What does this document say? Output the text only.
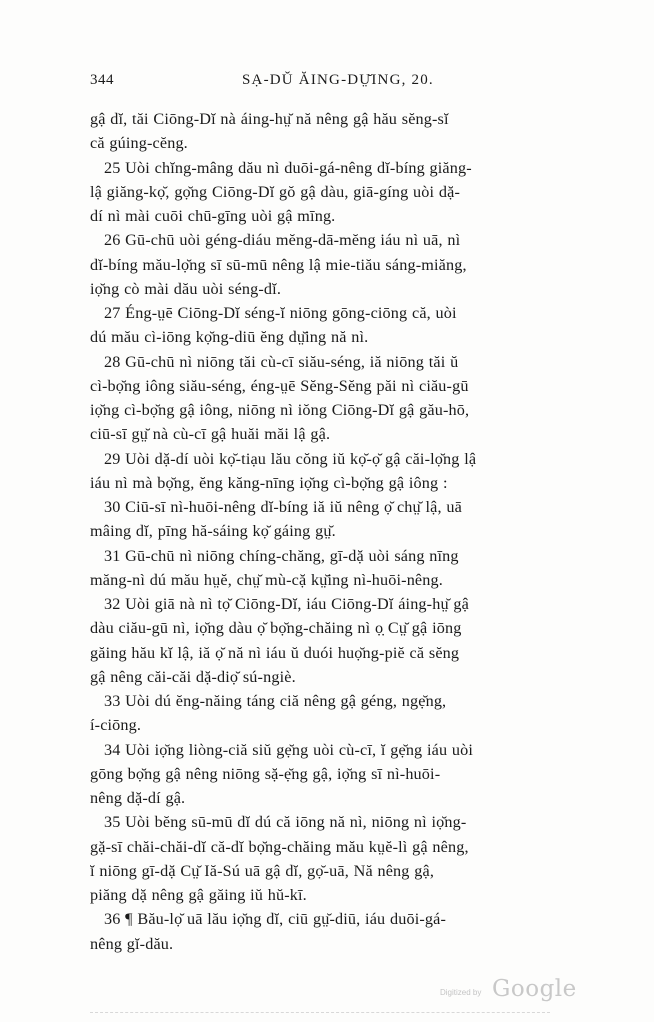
344	SẠ-DŬ ĂING-DṲ̆ING, 20.
gậ dĭ, tăi Ciōng-Dĭ nà áing-hṳ̆ nă nêng gậ hău sĕng-sĭ
că gúing-cĕng.
25 Uòi chĭng-mâng dău nì duōi-gá-nêng dĭ-bíng giăng-
lậ giăng-kọ̆, gọ̆ng Ciōng-Dĭ gŏ gậ dàu, giā-gíng uòi dặ-
dí nì mài cuōi chū-gīng uòi gậ mīng.
26 Gū-chū uòi géng-diáu mĕng-dā-mĕng iáu nì uā, nì
dĭ-bíng mău-lọ̆ng sī sū-mū nêng lậ mie-tiău sáng-miăng,
iọ̆ng cò mài dău uòi séng-dĭ.
27 Éng-ṳē Ciōng-Dĭ séng-ĭ niōng gōng-ciōng că, uòi
dú mău cì-iōng kọ̆ng-diū ĕng dṳ̆ing nă nì.
28 Gū-chū nì niōng tăi cù-cī siău-séng, iă niōng tăi ŭ
cì-bọ̆ng iông siău-séng, éng-ṳē Sĕng-Sĕng păi nì ciău-gū
iọ̆ng cì-bọ̆ng gậ iông, niōng nì iŏng Ciōng-Dĭ gậ gău-hō,
ciū-sī gṳ̆ nà cù-cī gậ huăi măi lậ gậ.
29 Uòi dặ-dí uòi kọ̆-tiạu lău cŏng iŭ kọ̆-ọ̆ gậ căi-lọ̆ng lậ
iáu nì mà bọ̆ng, ĕng kăng-nīng iọ̆ng cì-bọ̆ng gậ iông :
30 Ciū-sī nì-huōi-nêng dĭ-bíng iă iŭ nêng ọ̆ chṳ̆ lậ, uā
mâing dĭ, pīng hă-sáing kọ̆ gáing gṳ̆.
31 Gū-chū nì niōng chíng-chăng, gī-dặ uòi sáng nīng
măng-nì dú mău hṳĕ, chṳ̆ mù-cặ kṳ̆ing nì-huōi-nêng.
32 Uòi giā nà nì tọ̆ Ciōng-Dĭ, iáu Ciōng-Dĭ áing-hṳ̆ gậ
dàu ciău-gū nì, iọ̆ng dàu ọ̆ bọ̆ng-chăing nì ọ̣ Cṳ̆ gậ iōng
găing hău kĭ lậ, iă ọ̆ nă nì iáu ŭ duói huọ̆ng-piĕ că sĕng
gậ nêng căi-căi dặ-diọ̆ sú-ngiè.
33 Uòi dú ĕng-năing táng ciă nêng gậ géng, ngẹ̆ng,
í-ciōng.
34 Uòi iọ̆ng liòng-ciă siŭ gẹ̆ng uòi cù-cī, ĭ gẹ̆ng iáu uòi
gōng bọ̆ng gậ nêng niōng sặ-ẹ̆ng gậ, iọ̆ng sī nì-huōi-
nêng dặ-dí gậ.
35 Uòi bĕng sū-mū dĭ dú că iōng nă nì, niōng nì iọ̆ng-
gặ-sī chăi-chăi-dĭ că-dĭ bọ̆ng-chăing mău kṳĕ-lì gậ nêng,
ĭ niōng gī-dặ Cṳ̆ Iă-Sú uā gậ dĭ, gọ̆-uā, Nă nêng gậ,
piăng dặ nêng gậ găing iŭ hŭ-kī.
36 ¶ Bău-lọ̆ uā lău iọ̆ng dĭ, ciū gṳ̆-diū, iáu duōi-gá-
nêng gĭ-dău.
Digitized by Google
